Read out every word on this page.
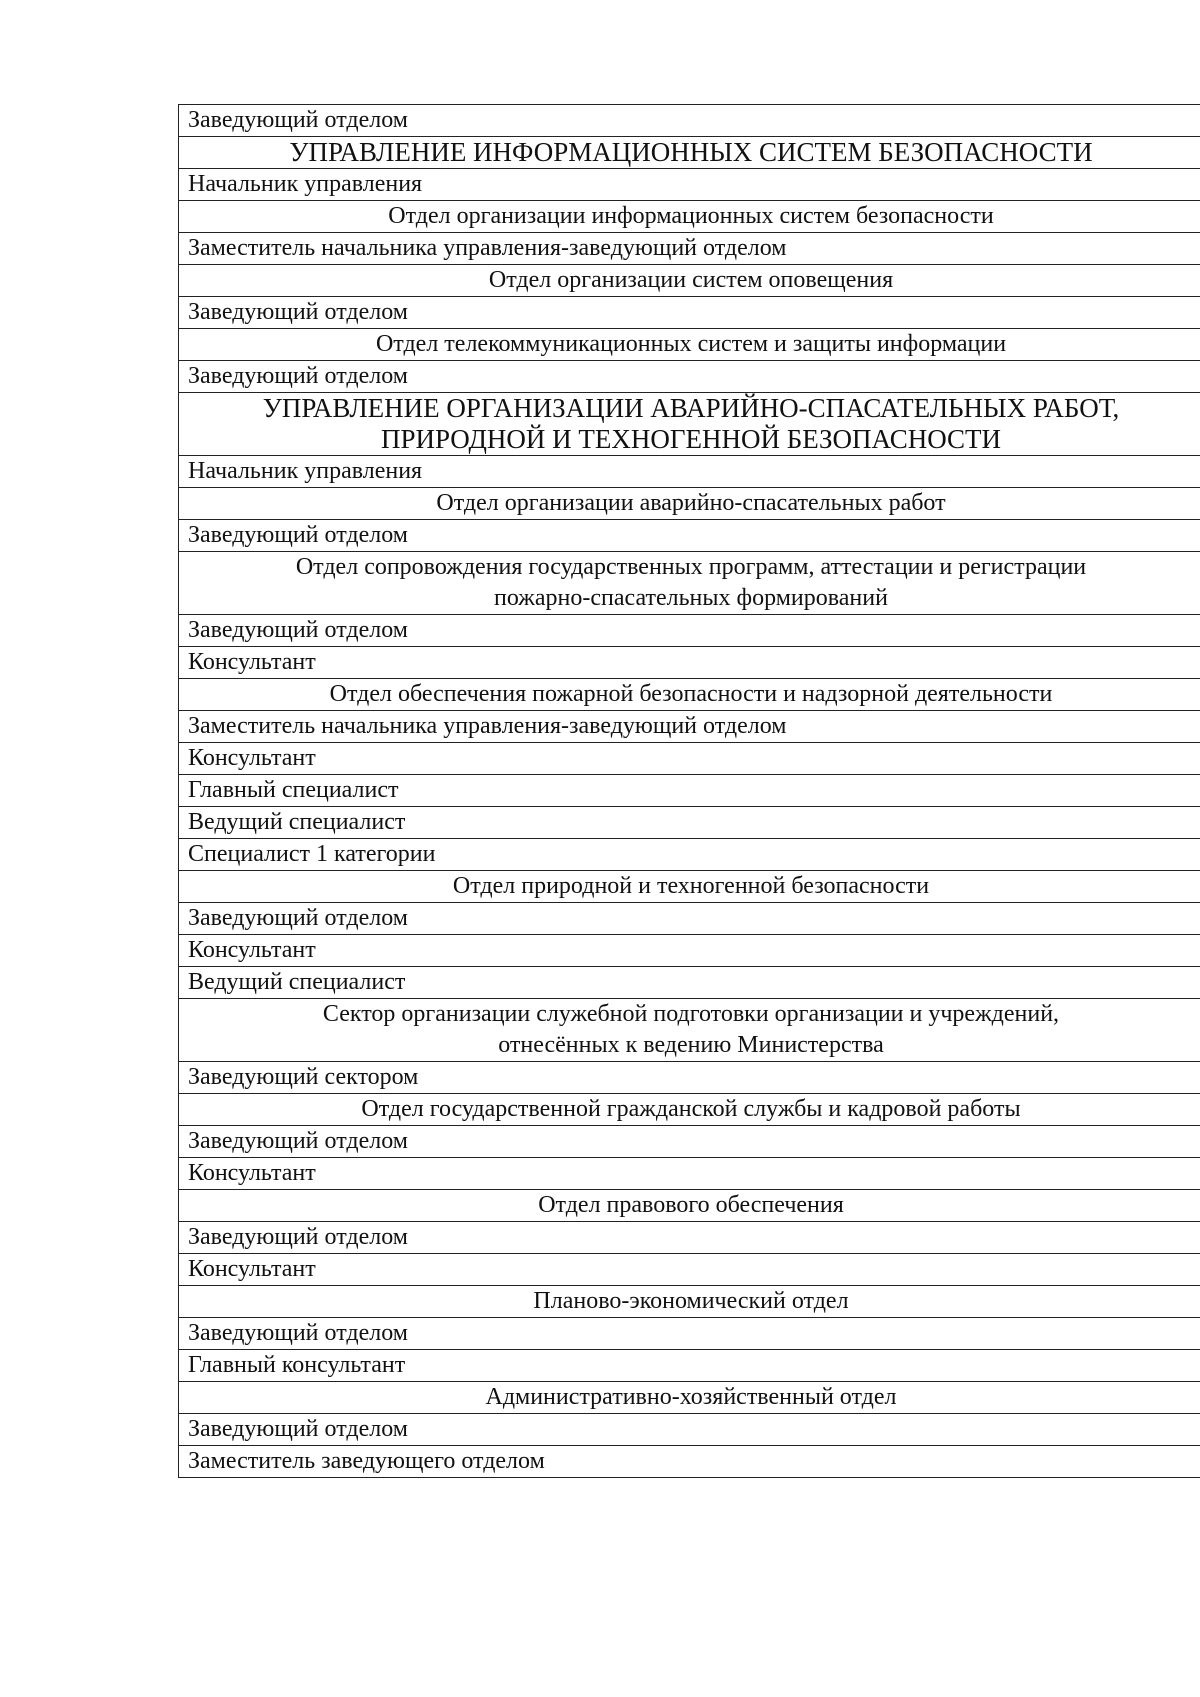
Заведующий отделом
УПРАВЛЕНИЕ ИНФОРМАЦИОННЫХ СИСТЕМ БЕЗОПАСНОСТИ
Начальник управления
Отдел организации информационных систем безопасности
Заместитель начальника управления-заведующий отделом
Отдел организации систем оповещения
Заведующий отделом
Отдел телекоммуникационных систем и защиты информации
Заведующий отделом

УПРАВЛЕНИЕ ОРГАНИЗАЦИИ АВАРИЙНО-СПАСАТЕЛЬНЫХ РАБОТ,
ПРИРОДНОЙ И ТЕХНОГЕННОЙ БЕЗОПАСНОСТИ

Начальник управления
Отдел организации аварийно-спасательных работ
Заведующий отделом

Отдел сопровождения государственных программ, аттестации и регистрации
пожарно-спасательных формирований

Заведующий отделом
Консультант
Отдел обеспечения пожарной безопасности и надзорной деятельности
Заместитель начальника управления-заведующий отделом
Консультант
Главный специалист
Ведущий специалист
Специалист 1 категории
Отдел природной и техногенной безопасности
Заведующий отделом
Консультант
Ведущий специалист

Сектор организации служебной подготовки организации и учреждений,
отнесённых к ведению Министерства

Заведующий сектором
Отдел государственной гражданской службы и кадровой работы
Заведующий отделом
Консультант
Отдел правового обеспечения
Заведующий отделом
Консультант
Планово-экономический отдел
Заведующий отделом
Главный консультант
Административно-хозяйственный отдел
Заведующий отделом
Заместитель заведующего отделом
